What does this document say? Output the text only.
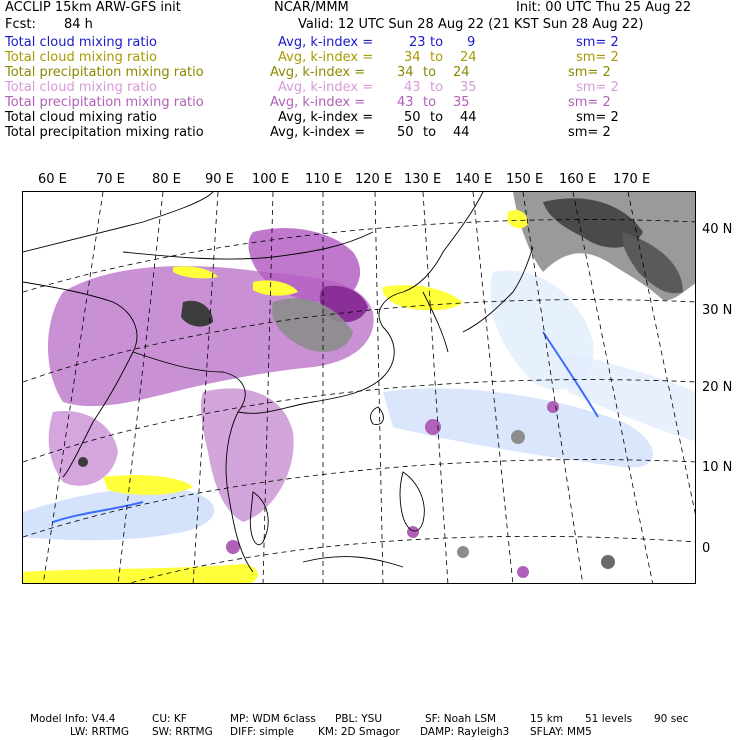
ACCLIP 15km ARW-GFS init	NCAR/MMM	Init: 00 UTC Thu 25 Aug 22
Fcst: 84 h	Valid: 12 UTC Sun 28 Aug 22 (21 KST Sun 28 Aug 22)
Total cloud mixing ratio	Avg, k-index =	23 to 9	sm= 2
Total cloud mixing ratio	Avg, k-index = 34 to 24	sm= 2
Total precipitation mixing ratio	Avg, k-index = 34 to 24	sm= 2
Total cloud mixing ratio	Avg, k-index = 43 to 35	sm= 2
Total precipitation mixing ratio	Avg, k-index = 43 to 35	sm= 2
Total cloud mixing ratio	Avg, k-index = 50 to 44	sm= 2
Total precipitation mixing ratio	Avg, k-index = 50 to 44	sm= 2
60 E 70 E 80 E 90 E 100 E 110 E 120 E 130 E 140 E 150 E 160 E 170 E
40 N
30 N
20 N
10 N
0
Model Info: V4.4	CU: KF	MP: WDM 6class PBL: YSU	SF: Noah LSM	15 km 51 levels 90 sec
LW: RRTMG SW: RRTMG DIFF: simple KM: 2D Smagor DAMP: Rayleigh3 SFLAY: MM5
